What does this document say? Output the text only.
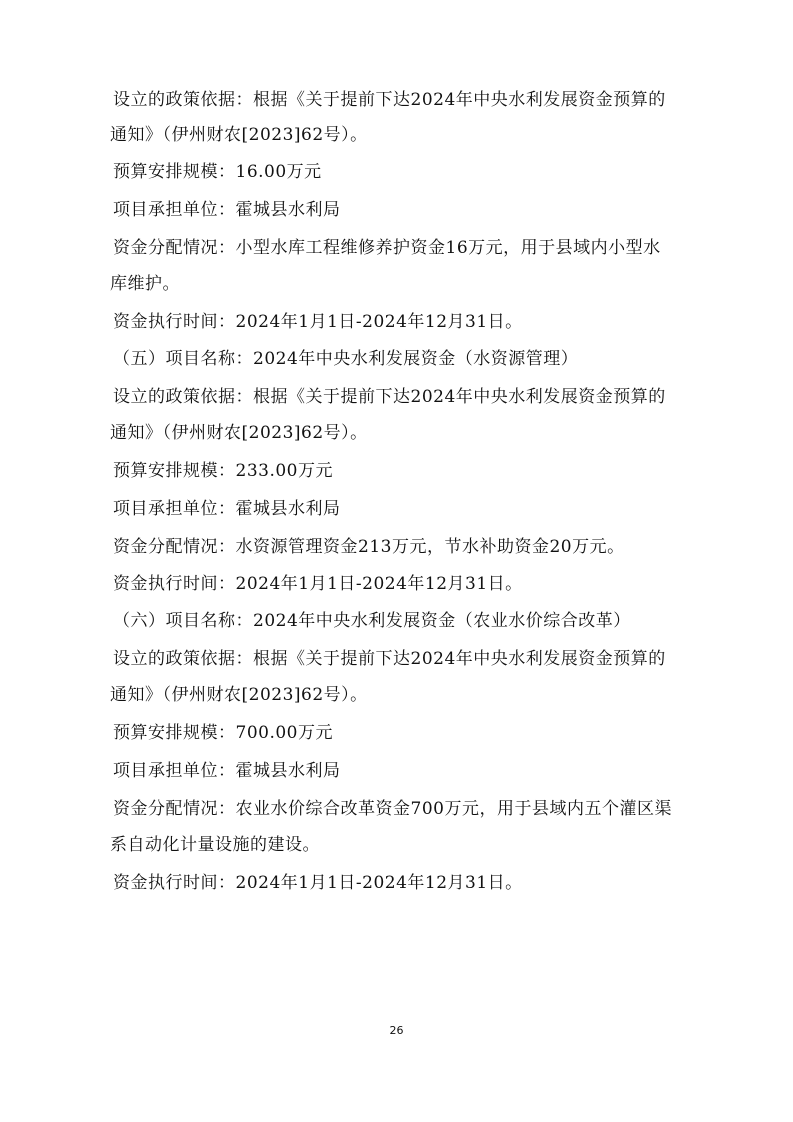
设立的政策依据：根据《关于提前下达2024年中央水利发展资金预算的
通知》（伊州财农[2023]62号）。
预算安排规模：16.00万元
项目承担单位：霍城县水利局
资金分配情况：小型水库工程维修养护资金16万元，用于县域内小型水
库维护。
资金执行时间：2024年1月1日-2024年12月31日。
（五）项目名称：2024年中央水利发展资金（水资源管理）
设立的政策依据：根据《关于提前下达2024年中央水利发展资金预算的
通知》（伊州财农[2023]62号）。
预算安排规模：233.00万元
项目承担单位：霍城县水利局
资金分配情况：水资源管理资金213万元，节水补助资金20万元。
资金执行时间：2024年1月1日-2024年12月31日。
（六）项目名称：2024年中央水利发展资金（农业水价综合改革）
设立的政策依据：根据《关于提前下达2024年中央水利发展资金预算的
通知》（伊州财农[2023]62号）。
预算安排规模：700.00万元
项目承担单位：霍城县水利局
资金分配情况：农业水价综合改革资金700万元，用于县域内五个灌区渠
系自动化计量设施的建设。
资金执行时间：2024年1月1日-2024年12月31日。
26
